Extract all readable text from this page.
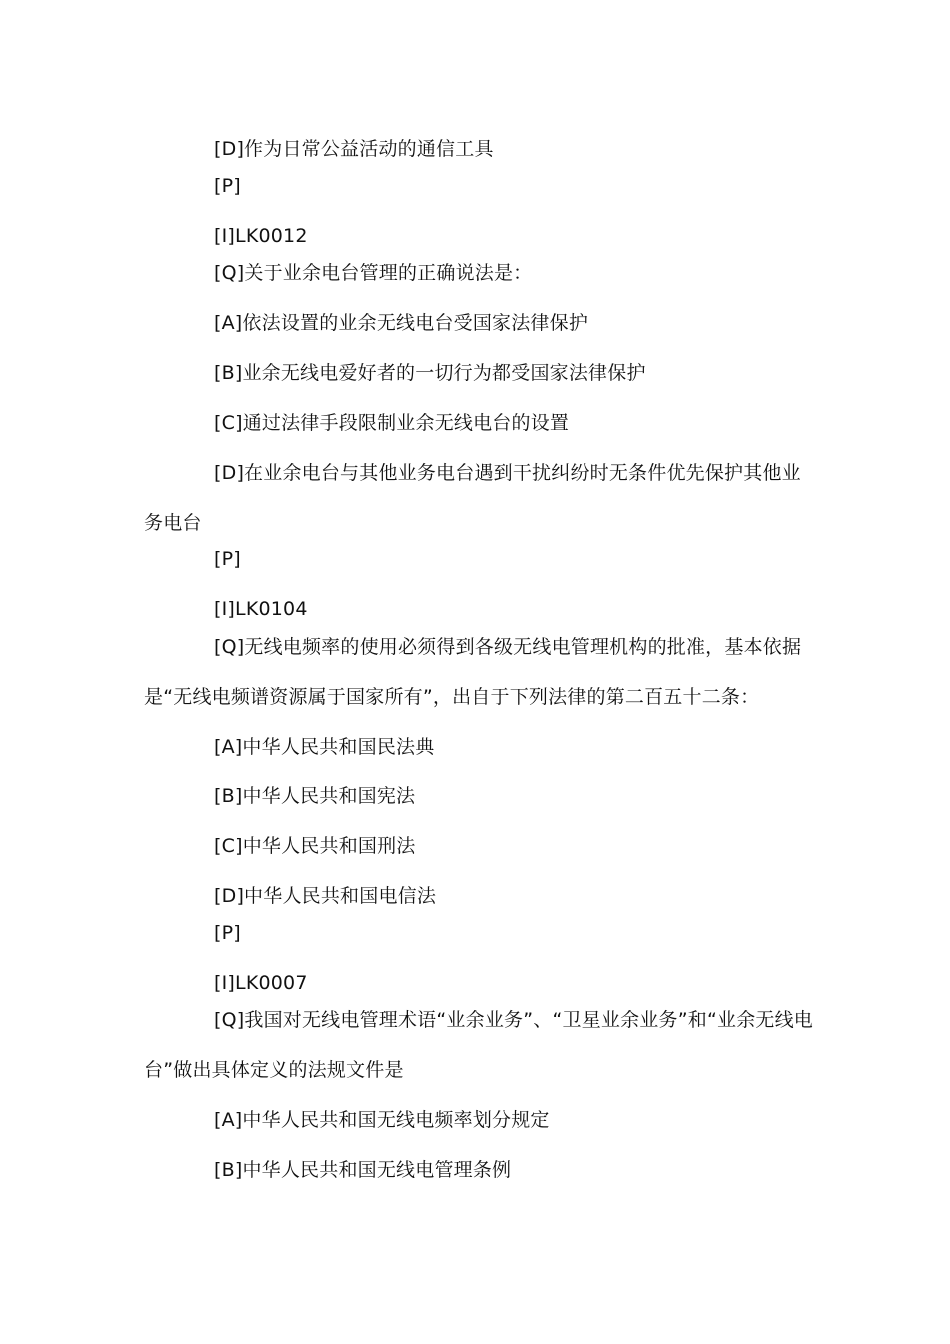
[D]作为日常公益活动的通信工具
[P]
[I]LK0012
[Q]关于业余电台管理的正确说法是：
[A]依法设置的业余无线电台受国家法律保护
[B]业余无线电爱好者的一切行为都受国家法律保护
[C]通过法律手段限制业余无线电台的设置
[D]在业余电台与其他业务电台遇到干扰纠纷时无条件优先保护其他业
务电台
[P]
[I]LK0104
[Q]无线电频率的使用必须得到各级无线电管理机构的批准，基本依据
是“无线电频谱资源属于国家所有”，出自于下列法律的第二百五十二条：
[A]中华人民共和国民法典
[B]中华人民共和国宪法
[C]中华人民共和国刑法
[D]中华人民共和国电信法
[P]
[I]LK0007
[Q]我国对无线电管理术语“业余业务”、“卫星业余业务”和“业余无线电
台”做出具体定义的法规文件是
[A]中华人民共和国无线电频率划分规定
[B]中华人民共和国无线电管理条例
